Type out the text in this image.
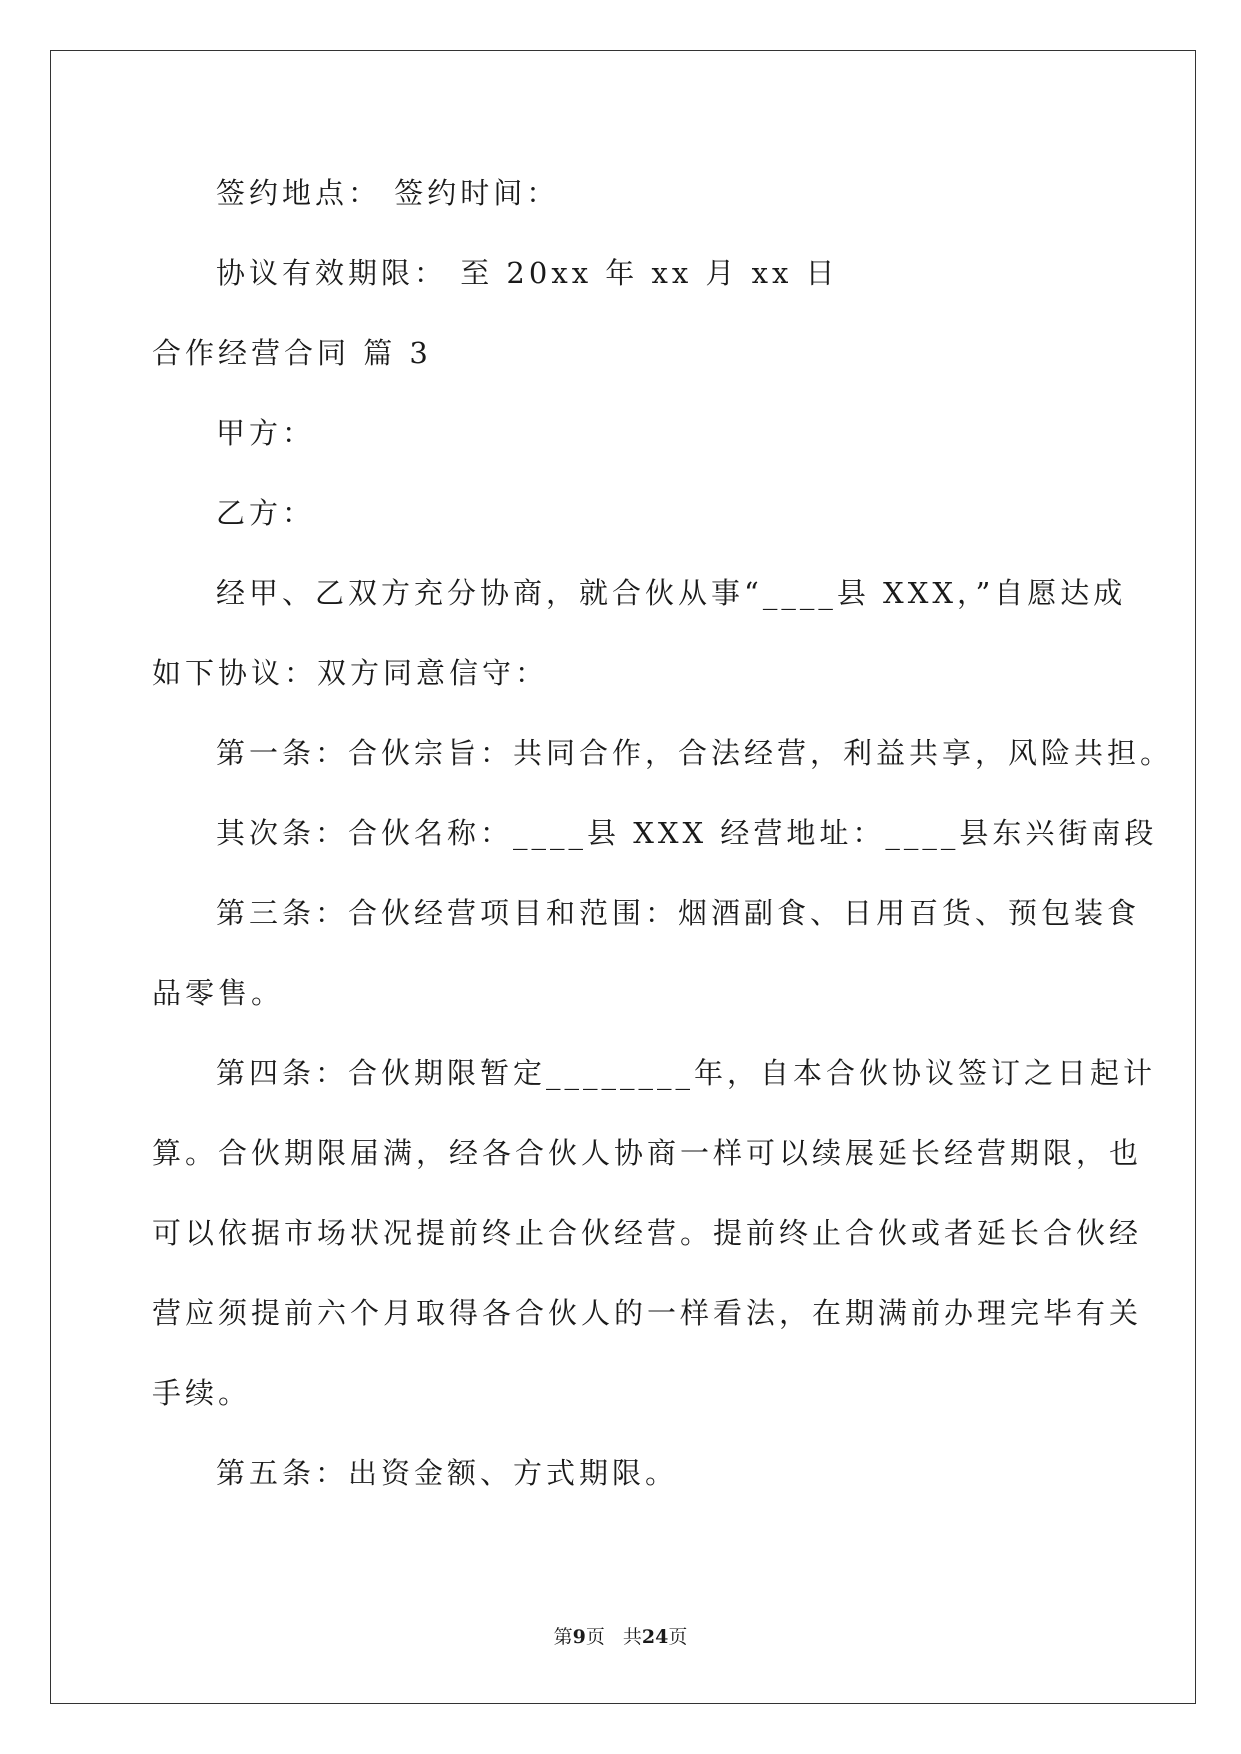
签约地点： 签约时间：
协议有效期限： 至 20xx 年 xx 月 xx 日
合作经营合同 篇 3
甲方：
乙方：
经甲、乙双方充分协商，就合伙从事“____县 XXX，”自愿达成
如下协议：双方同意信守：
第一条：合伙宗旨：共同合作，合法经营，利益共享，风险共担。
其次条：合伙名称：____县 XXX 经营地址：____县东兴街南段
第三条：合伙经营项目和范围：烟酒副食、日用百货、预包装食
品零售。
第四条：合伙期限暂定________年，自本合伙协议签订之日起计
算。合伙期限届满，经各合伙人协商一样可以续展延长经营期限，也
可以依据市场状况提前终止合伙经营。提前终止合伙或者延长合伙经
营应须提前六个月取得各合伙人的一样看法，在期满前办理完毕有关
手续。
第五条：出资金额、方式期限。
第9页 共24页
